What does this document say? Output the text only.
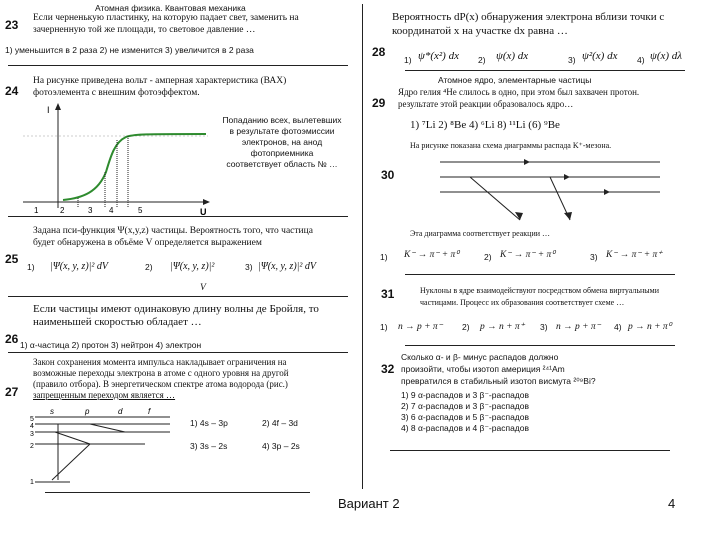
Атомная физика. Квантовая механика
23 Если черненькую пластинку, на которую падает свет, заменить на
зачерненную той же площади, то световое давление …
1) уменьшится в 2 раза 2) не изменится 3) увеличится в 2 раза
24
На рисунке приведена вольт - амперная характеристика (ВАХ)
фотоэлемента с внешним фотоэффектом.
I
U
1	2	3 4	5
Попаданию всех, вылетевших
в результате фотоэмиссии
электронов, на анод
фотоприемника
соответствует область № …
25
Задана пси-функция Ψ(x,y,z) частицы. Вероятность того, что частица
будет обнаружена в объёме V определяется выражением
1) |Ψ(x, y, z)|² dV	2) |Ψ(x, y, z)|²	3) |Ψ(x, y, z)|² dV
V
26
Если частицы имеют одинаковую длину волны де Бройля, то
наименьшей скоростью обладает …
1) α-частица 2) протон 3) нейтрон 4) электрон
27
Закон сохранения момента импульса накладывает ограничения на
возможные переходы электрона в атоме с одного уровня на другой
(правило отбора). В энергетическом спектре атома водорода (рис.)
запрещенным переходом является …
s	p	d	f
5
4
3
2
1
1) 4s – 3p	2) 4f – 3d
3) 3s – 2s	4) 3p – 2s
28
Вероятность dP(x) обнаружения электрона вблизи точки с
координатой x на участке dx равна …
1) ψ*(x²) dx 2) ψ(x) dx	3) ψ²(x) dx 4) ψ(x) dλ
29
Атомное ядро, элементарные частицы
Ядро гелия ⁴He слилось в одно, при этом был захвачен протон.
результате этой реакции образовалось ядро…
1) ⁷Li 2) ⁸Be 4) ⁶Li 8) ¹¹Li (6) ⁹Be
На рисунке показана схема диаграммы распада K⁺-мезона.
30
Эта диаграмма соответствует реакции …
1) K⁻ → π⁻ + π⁰	2) K⁻ → π⁻ + π⁰	3) K⁻ → π⁻ + π⁺
31	Нуклоны в ядре взаимодействуют посредством обмена виртуальными
частицами. Процесс их образования соответствует схеме …
1) n → p + π⁻ 2) p → n + π⁺ 3) n → p + π⁻ 4) p → n + π⁰
32
Сколько α- и β- минус распадов должно
произойти, чтобы изотоп америция ²⁴¹Am
превратился в стабильный изотоп висмута ²⁰⁹Bi?
1) 9 α-распадов и 3 β⁻-распадов
2) 7 α-распадов и 3 β⁻-распадов
3) 6 α-распадов и 5 β⁻-распадов
4) 8 α-распадов и 4 β⁻-распадов
Вариант 2	4
